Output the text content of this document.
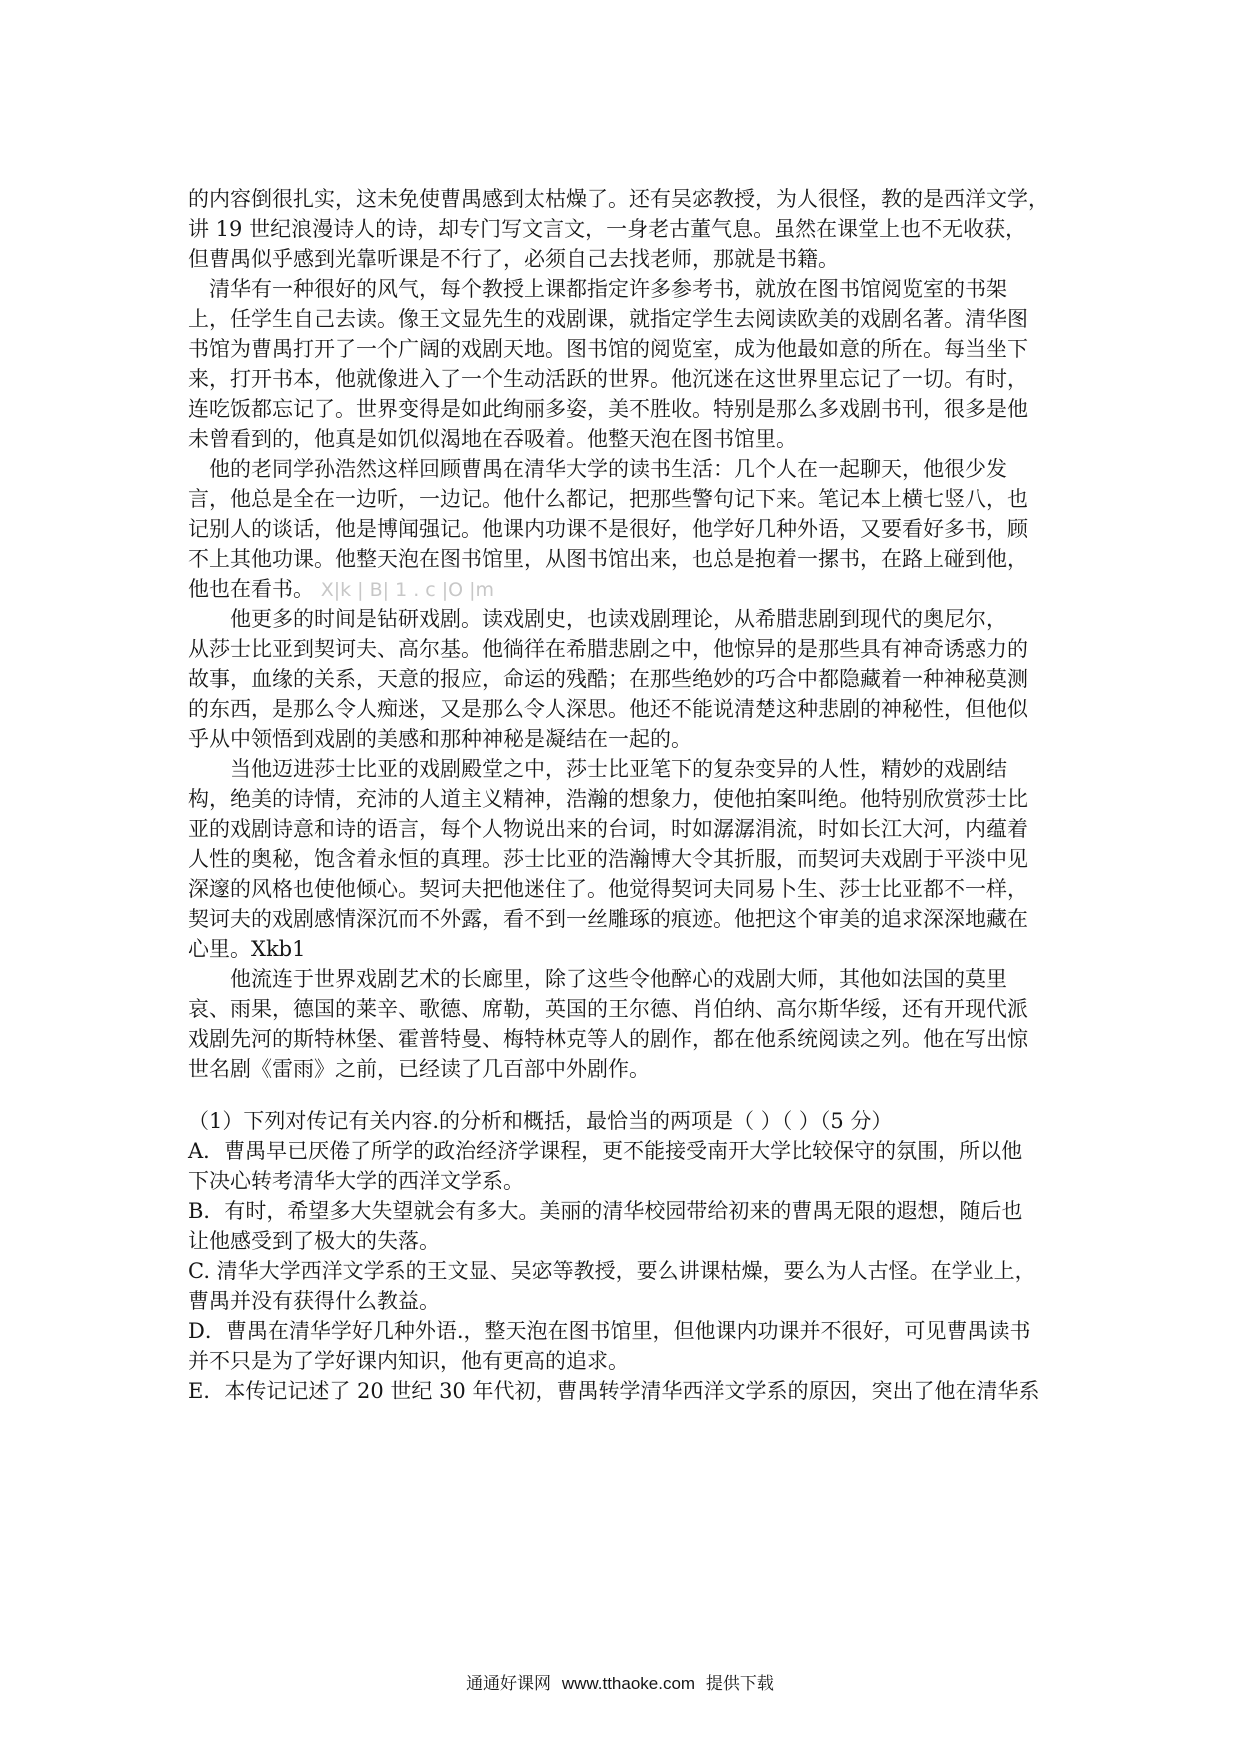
的内容倒很扎实，这未免使曹禺感到太枯燥了。还有吴宓教授，为人很怪，教的是西洋文学，
讲 19 世纪浪漫诗人的诗，却专门写文言文，一身老古董气息。虽然在课堂上也不无收获，
但曹禺似乎感到光靠听课是不行了，必须自己去找老师，那就是书籍。
　清华有一种很好的风气，每个教授上课都指定许多参考书，就放在图书馆阅览室的书架
上，任学生自己去读。像王文显先生的戏剧课，就指定学生去阅读欧美的戏剧名著。清华图
书馆为曹禺打开了一个广阔的戏剧天地。图书馆的阅览室，成为他最如意的所在。每当坐下
来，打开书本，他就像进入了一个生动活跃的世界。他沉迷在这世界里忘记了一切。有时，
连吃饭都忘记了。世界变得是如此绚丽多姿，美不胜收。特别是那么多戏剧书刊，很多是他
未曾看到的，他真是如饥似渴地在吞吸着。他整天泡在图书馆里。
　他的老同学孙浩然这样回顾曹禺在清华大学的读书生活：几个人在一起聊天，他很少发
言，他总是全在一边听，一边记。他什么都记，把那些警句记下来。笔记本上横七竖八，也
记别人的谈话，他是博闻强记。他课内功课不是很好，他学好几种外语，又要看好多书，顾
不上其他功课。他整天泡在图书馆里，从图书馆出来，也总是抱着一摞书，在路上碰到他，
他也在看书。 X|k | B| 1 . c |O |m
　　他更多的时间是钻研戏剧。读戏剧史，也读戏剧理论，从希腊悲剧到现代的奥尼尔，
从莎士比亚到契诃夫、高尔基。他徜徉在希腊悲剧之中，他惊异的是那些具有神奇诱惑力的
故事，血缘的关系，天意的报应，命运的残酷；在那些绝妙的巧合中都隐藏着一种神秘莫测
的东西，是那么令人痴迷，又是那么令人深思。他还不能说清楚这种悲剧的神秘性，但他似
乎从中领悟到戏剧的美感和那种神秘是凝结在一起的。
　　当他迈进莎士比亚的戏剧殿堂之中，莎士比亚笔下的复杂变异的人性，精妙的戏剧结
构，绝美的诗情，充沛的人道主义精神，浩瀚的想象力，使他拍案叫绝。他特别欣赏莎士比
亚的戏剧诗意和诗的语言，每个人物说出来的台词，时如潺潺涓流，时如长江大河，内蕴着
人性的奥秘，饱含着永恒的真理。莎士比亚的浩瀚博大令其折服，而契诃夫戏剧于平淡中见
深邃的风格也使他倾心。契诃夫把他迷住了。他觉得契诃夫同易卜生、莎士比亚都不一样，
契诃夫的戏剧感情深沉而不外露，看不到一丝雕琢的痕迹。他把这个审美的追求深深地藏在
心里。Xkb1
　　他流连于世界戏剧艺术的长廊里，除了这些令他醉心的戏剧大师，其他如法国的莫里
哀、雨果，德国的莱辛、歌德、席勒，英国的王尔德、肖伯纳、高尔斯华绥，还有开现代派
戏剧先河的斯特林堡、霍普特曼、梅特林克等人的剧作，都在他系统阅读之列。他在写出惊
世名剧《雷雨》之前，已经读了几百部中外剧作。
（1）下列对传记有关内容.的分析和概括，最恰当的两项是（ ）（ ）（5 分）
A．曹禺早已厌倦了所学的政治经济学课程，更不能接受南开大学比较保守的氛围，所以他
下决心转考清华大学的西洋文学系。
B．有时，希望多大失望就会有多大。美丽的清华校园带给初来的曹禺无限的遐想，随后也
让他感受到了极大的失落。
C. 清华大学西洋文学系的王文显、吴宓等教授，要么讲课枯燥，要么为人古怪。在学业上，
曹禺并没有获得什么教益。
D．曹禺在清华学好几种外语.，整天泡在图书馆里，但他课内功课并不很好，可见曹禺读书
并不只是为了学好课内知识，他有更高的追求。
E．本传记记述了 20 世纪 30 年代初，曹禺转学清华西洋文学系的原因，突出了他在清华系
通通好课网 www.tthaoke.com 提供下载
